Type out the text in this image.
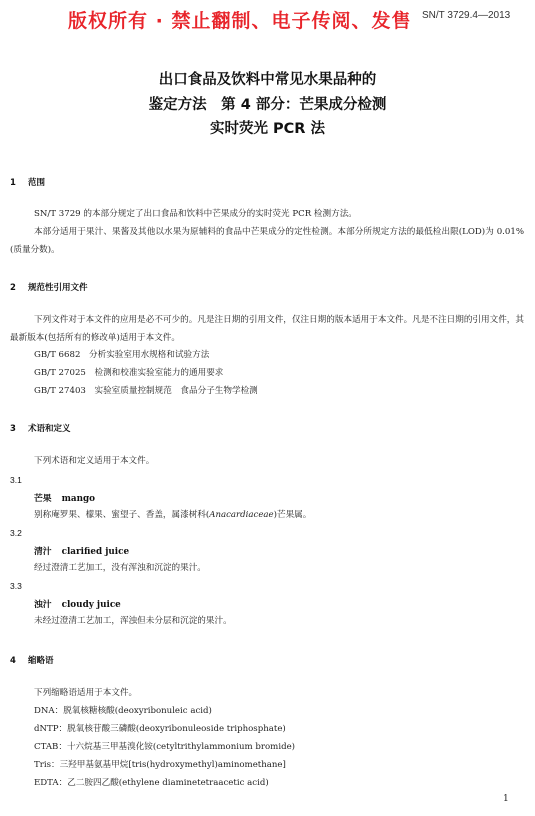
SN/T 3729.4—2013
版权所有 · 禁止翻制、电子传阅、发售
出口食品及饮料中常见水果品种的
鉴定方法　第 4 部分：芒果成分检测
实时荧光 PCR 法
1 范围
SN/T 3729 的本部分规定了出口食品和饮料中芒果成分的实时荧光 PCR 检测方法。
本部分适用于果汁、果酱及其他以水果为原辅料的食品中芒果成分的定性检测。本部分所规定方法的最低检出限(LOD)为 0.01%(质量分数)。
2 规范性引用文件
下列文件对于本文件的应用是必不可少的。凡是注日期的引用文件，仅注日期的版本适用于本文件。凡是不注日期的引用文件，其最新版本(包括所有的修改单)适用于本文件。
GB/T 6682　分析实验室用水规格和试验方法
GB/T 27025　检测和校准实验室能力的通用要求
GB/T 27403　实验室质量控制规范　食品分子生物学检测
3 术语和定义
下列术语和定义适用于本文件。
3.1
芒果 mango
别称庵罗果、檬果、蜜望子、香盖，属漆树科(Anacardiaceae)芒果属。
3.2
清汁 clarified juice
经过澄清工艺加工，没有浑浊和沉淀的果汁。
3.3
浊汁 cloudy juice
未经过澄清工艺加工，浑浊但未分层和沉淀的果汁。
4 缩略语
下列缩略语适用于本文件。
DNA：脱氧核糖核酸(deoxyribonuleic acid)
dNTP：脱氧核苷酸三磷酸(deoxyribonuleoside triphosphate)
CTAB：十六烷基三甲基溴化铵(cetyltrithylammonium bromide)
Tris：三羟甲基氨基甲烷[tris(hydroxymethyl)aminomethane]
EDTA：乙二胺四乙酸(ethylene diaminetetraacetic acid)
1
